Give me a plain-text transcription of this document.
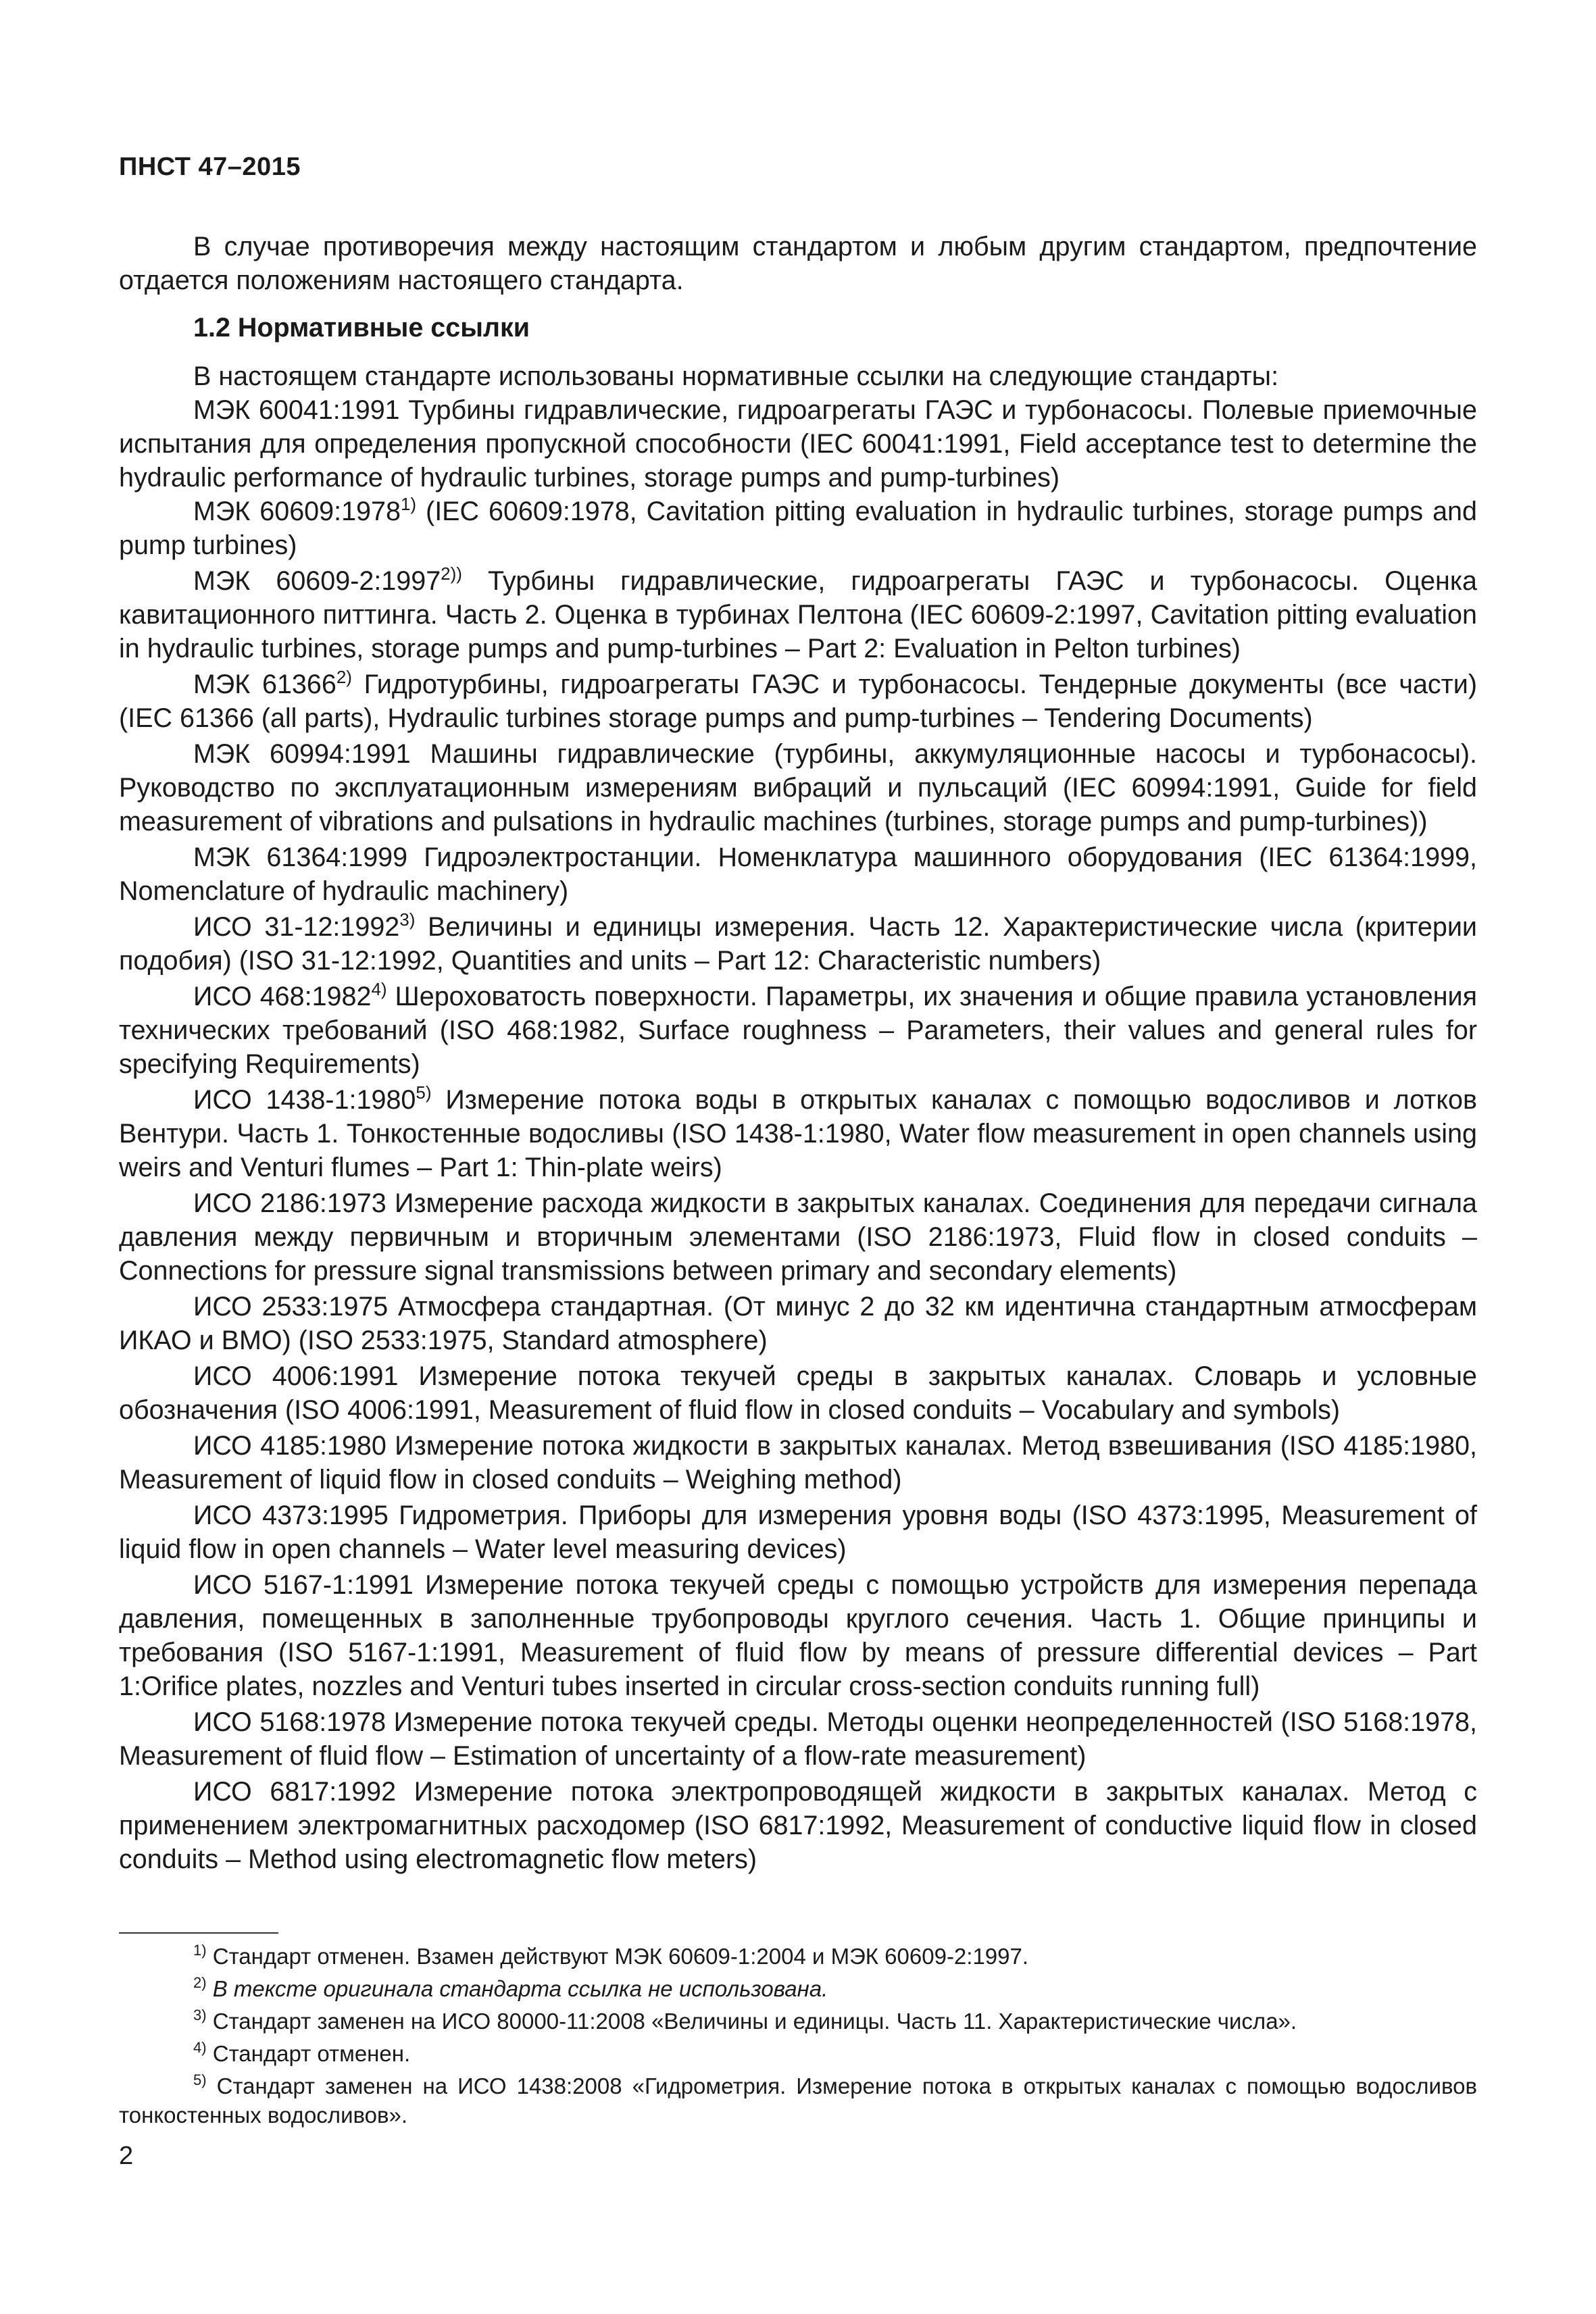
ПНСТ 47–2015

В случае противоречия между настоящим стандартом и любым другим стандартом, предпочтение отдается положениям настоящего стандарта.

1.2 Нормативные ссылки

В настоящем стандарте использованы нормативные ссылки на следующие стандарты:

МЭК 60041:1991 Турбины гидравлические, гидроагрегаты ГАЭС и турбонасосы. Полевые приемочные испытания для определения пропускной способности (IEC 60041:1991, Field acceptance test to determine the hydraulic performance of hydraulic turbines, storage pumps and pump-turbines)

МЭК 60609:1978$^{1)}$ (IEC 60609:1978, Cavitation pitting evaluation in hydraulic turbines, storage pumps and pump turbines)

МЭК $60609-2:1997^{2))}$ Турбины гидравлические, гидроагрегаты ГАЭС и турбонасосы. Оценка кавитационного питтинга. Часть 2. Оценка в турбинах Пелтона (IEC 60609-2:1997, Cavitation pitting evaluation in hydraulic turbines, storage pumps and pump-turbines – Part 2: Evaluation in Pelton turbines)

МЭК 61366$^{2)}$ Гидротурбины, гидроагрегаты ГАЭС и турбонасосы. Тендерные документы (все части) (IEC 61366 (all parts), Hydraulic turbines storage pumps and pump-turbines – Tendering Documents)

МЭК 60994:1991 Машины гидравлические (турбины, аккумуляционные насосы и турбонасосы). Руководство по эксплуатационным измерениям вибраций и пульсаций (IEC 60994:1991, Guide for field measurement of vibrations and pulsations in hydraulic machines (turbines, storage pumps and pump-turbines))

МЭК 61364:1999 Гидроэлектростанции. Номенклатура машинного оборудования (IEC 61364:1999, Nomenclature of hydraulic machinery)

ИСО 31-12:1992$^{3)}$ Величины и единицы измерения. Часть 12. Характеристические числа (критерии подобия) (ISO 31-12:1992, Quantities and units – Part 12: Characteristic numbers)

ИСО 468:1982$^{4)}$ Шероховатость поверхности. Параметры, их значения и общие правила установления технических требований (ISO 468:1982, Surface roughness – Parameters, their values and general rules for specifying Requirements)

ИСО 1438-1:1980$^{5)}$ Измерение потока воды в открытых каналах с помощью водосливов и лотков Вентури. Часть 1. Тонкостенные водосливы (ISO 1438-1:1980, Water flow measurement in open channels using weirs and Venturi flumes – Part 1: Thin-plate weirs)

ИСО 2186:1973 Измерение расхода жидкости в закрытых каналах. Соединения для передачи сигнала давления между первичным и вторичным элементами (ISO 2186:1973, Fluid flow in closed conduits – Connections for pressure signal transmissions between primary and secondary elements)

ИСО 2533:1975 Атмосфера стандартная. (От минус 2 до 32 км идентична стандартным атмосферам ИКАО и ВМО) (ISO 2533:1975, Standard atmosphere)

ИСО 4006:1991 Измерение потока текучей среды в закрытых каналах. Словарь и условные обозначения (ISO 4006:1991, Measurement of fluid flow in closed conduits – Vocabulary and symbols)

ИСО 4185:1980 Измерение потока жидкости в закрытых каналах. Метод взвешивания (ISO 4185:1980, Measurement of liquid flow in closed conduits – Weighing method)

ИСО 4373:1995 Гидрометрия. Приборы для измерения уровня воды (ISO 4373:1995, Measurement of liquid flow in open channels – Water level measuring devices)

ИСО 5167-1:1991 Измерение потока текучей среды с помощью устройств для измерения перепада давления, помещенных в заполненные трубопроводы круглого сечения. Часть 1. Общие принципы и требования (ISO 5167-1:1991, Measurement of fluid flow by means of pressure differential devices – Part 1:Orifice plates, nozzles and Venturi tubes inserted in circular cross-section conduits running full)

ИСО 5168:1978 Измерение потока текучей среды. Методы оценки неопределенностей (ISO 5168:1978, Measurement of fluid flow – Estimation of uncertainty of a flow-rate measurement)

ИСО 6817:1992 Измерение потока электропроводящей жидкости в закрытых каналах. Метод с применением электромагнитных расходомер (ISO 6817:1992, Measurement of conductive liquid flow in closed conduits – Method using electromagnetic flow meters)

$^{1)}$ Стандарт отменен. Взамен действуют МЭК 60609-1:2004 и МЭК 60609-2:1997.

$^{2)}$ В тексте оригинала стандарта ссылка не использована.

$^{3)}$ Стандарт заменен на ИСО 80000-11:2008 «Величины и единицы. Часть 11. Характеристические числа».

$^{4)}$ Стандарт отменен.

$^{5)}$ Стандарт заменен на ИСО 1438:2008 «Гидрометрия. Измерение потока в открытых каналах с помощью водосливов тонкостенных водосливов».

2
